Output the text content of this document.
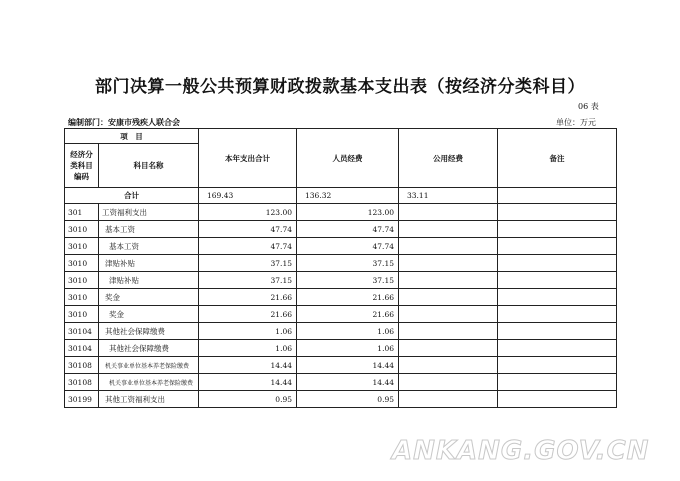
部门决算一般公共预算财政拨款基本支出表（按经济分类科目）
06 表
编制部门：安康市残疾人联合会	单位：万元
项　目		本年支出合计	人员经费	公用经费	备注

经济分
类科目
编码	科目名称				
合计		169.43	136.32	33.11	
301	工资福利支出	123.00	123.00		
3010	基本工资	47.74	47.74		
3010	基本工资	47.74	47.74		
3010	津贴补贴	37.15	37.15		
3010	津贴补贴	37.15	37.15		
3010	奖金	21.66	21.66		
3010	奖金	21.66	21.66		
30104	其他社会保障缴费	1.06	1.06		
30104	其他社会保障缴费	1.06	1.06		
30108	机关事业单位基本养老保险缴费	14.44	14.44		
30108	机关事业单位基本养老保险缴费	14.44	14.44		
30199	其他工资福利支出	0.95	0.95		
ANKANG.GOV.CN
